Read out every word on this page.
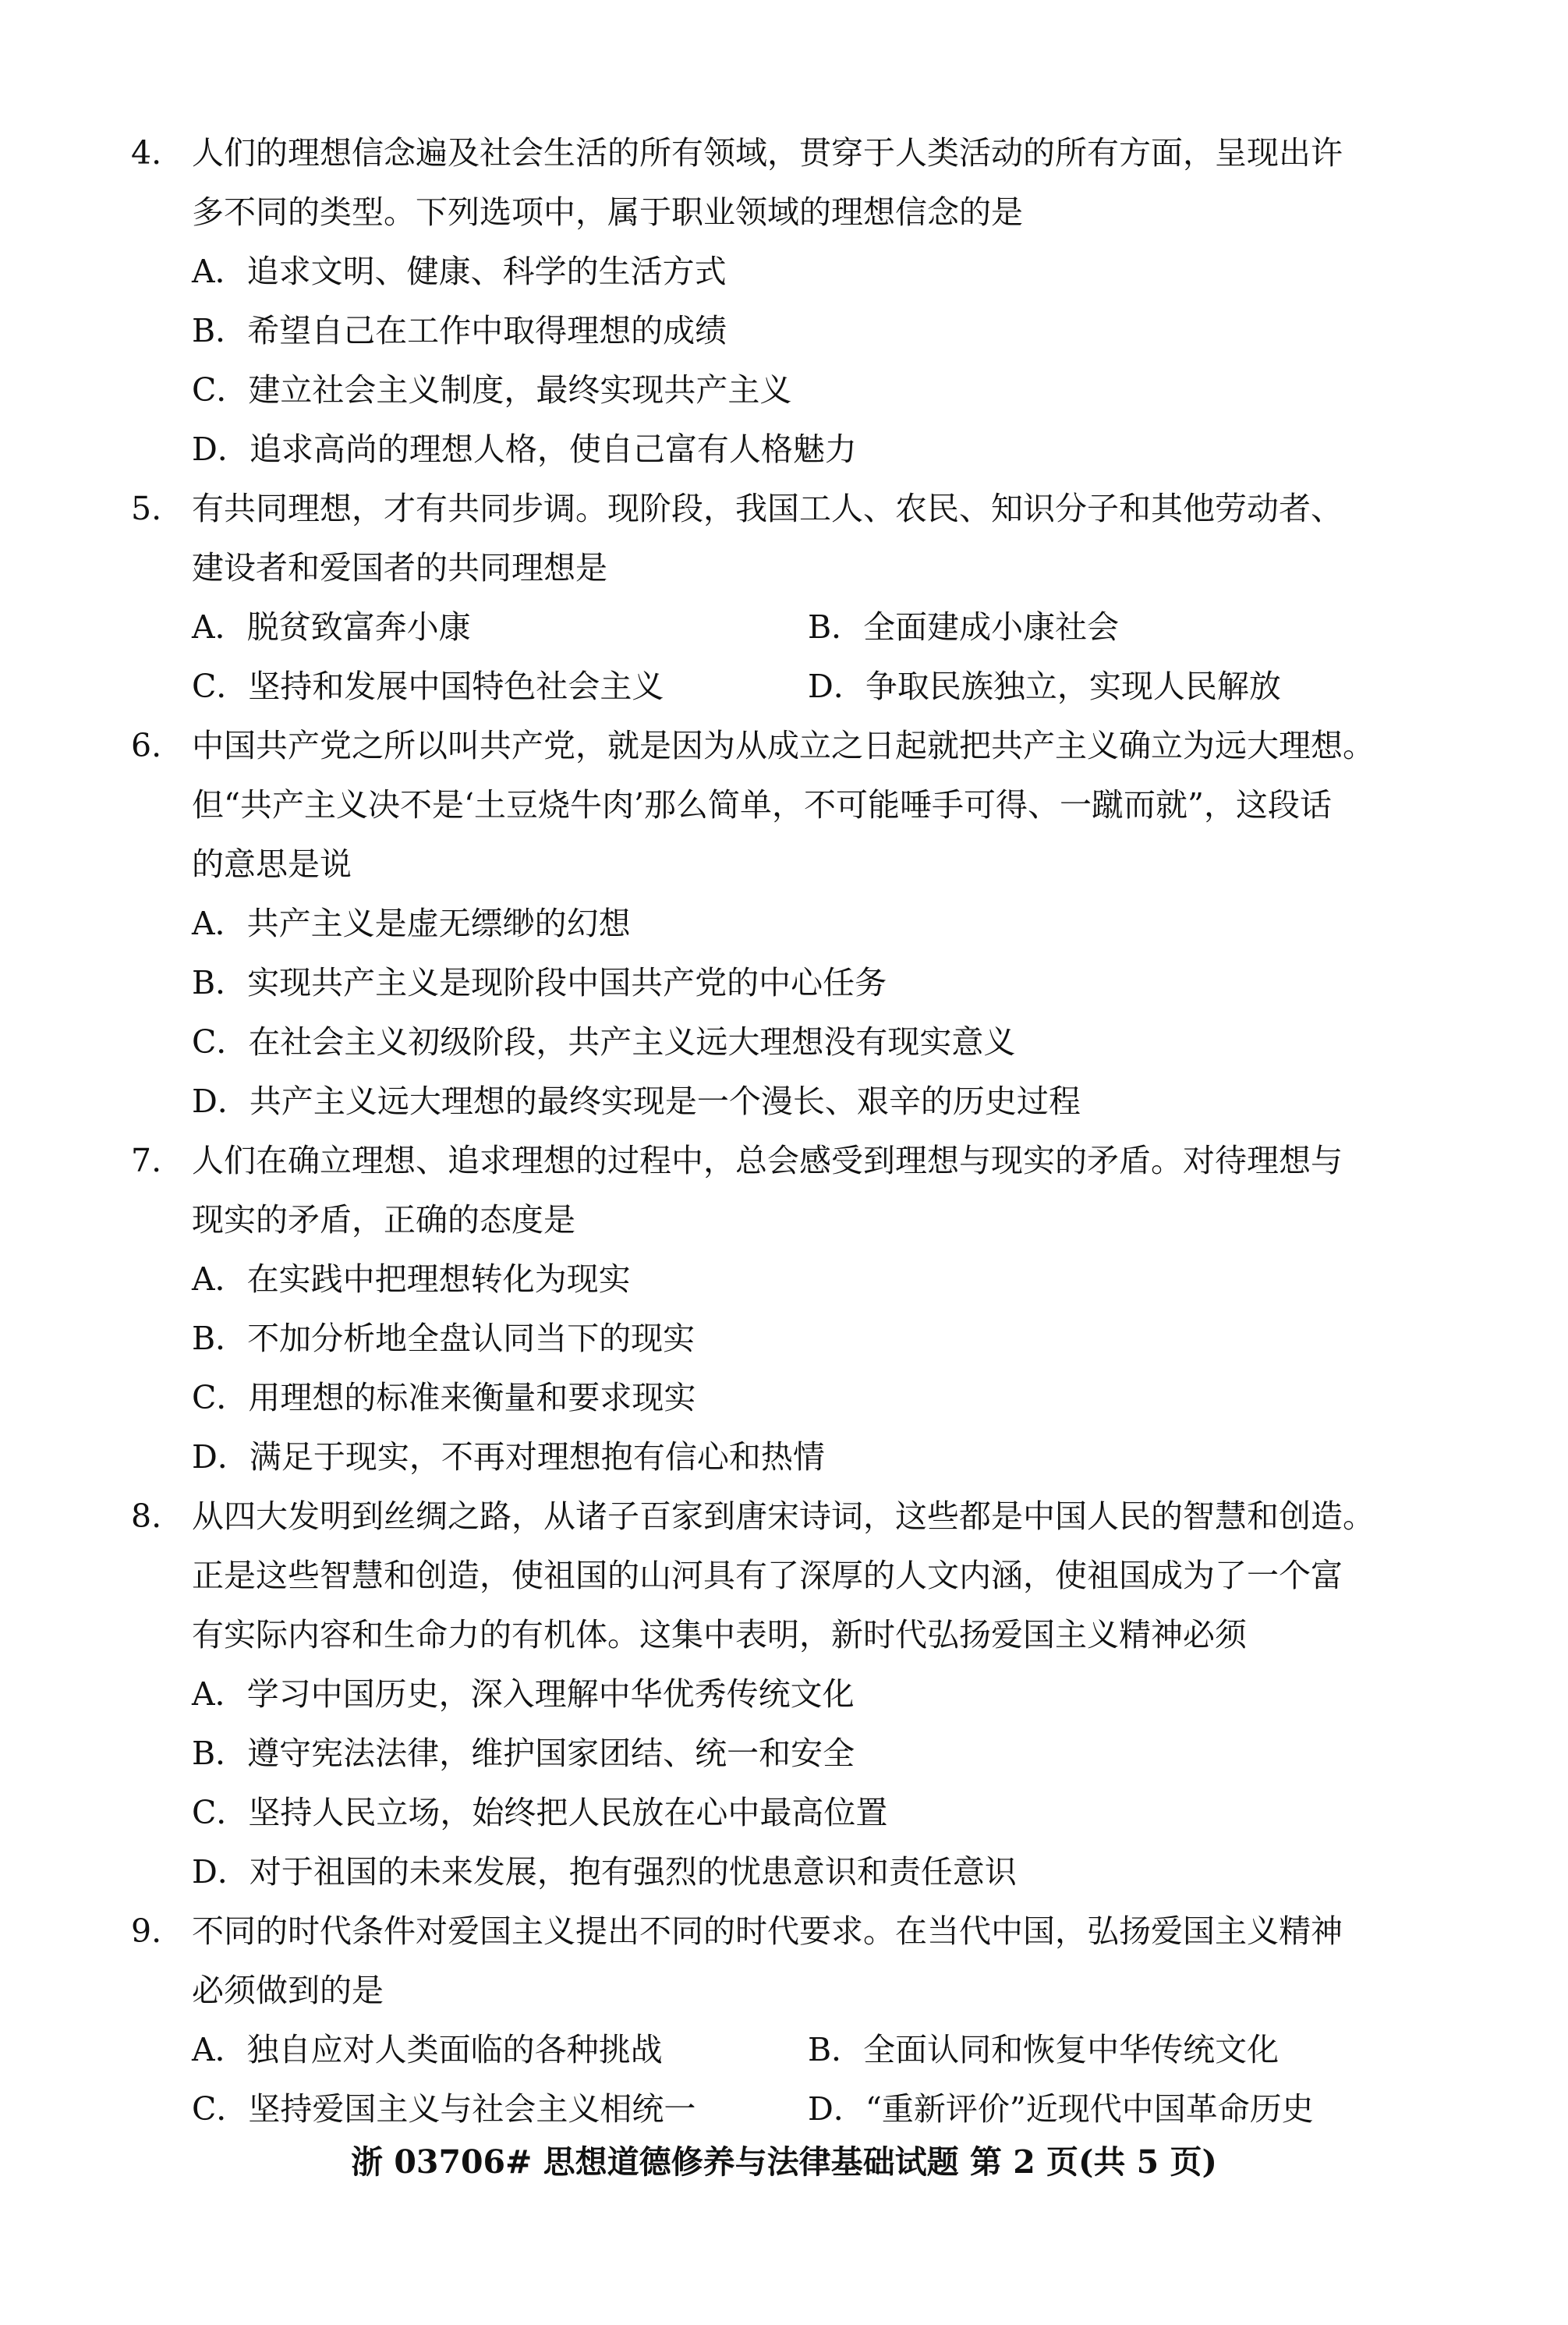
4. 人们的理想信念遍及社会生活的所有领域，贯穿于人类活动的所有方面，呈现出许
多不同的类型。下列选项中，属于职业领域的理想信念的是
A．追求文明、健康、科学的生活方式
B．希望自己在工作中取得理想的成绩
C．建立社会主义制度，最终实现共产主义
D．追求高尚的理想人格，使自己富有人格魅力
5. 有共同理想，才有共同步调。现阶段，我国工人、农民、知识分子和其他劳动者、
建设者和爱国者的共同理想是
A．脱贫致富奔小康	B．全面建成小康社会
C．坚持和发展中国特色社会主义	D．争取民族独立，实现人民解放
6. 中国共产党之所以叫共产党，就是因为从成立之日起就把共产主义确立为远大理想。
但“共产主义决不是‘土豆烧牛肉’那么简单，不可能唾手可得、一蹴而就”，这段话
的意思是说
A．共产主义是虚无缥缈的幻想
B．实现共产主义是现阶段中国共产党的中心任务
C．在社会主义初级阶段，共产主义远大理想没有现实意义
D．共产主义远大理想的最终实现是一个漫长、艰辛的历史过程
7. 人们在确立理想、追求理想的过程中，总会感受到理想与现实的矛盾。对待理想与
现实的矛盾，正确的态度是
A．在实践中把理想转化为现实
B．不加分析地全盘认同当下的现实
C．用理想的标准来衡量和要求现实
D．满足于现实，不再对理想抱有信心和热情
8. 从四大发明到丝绸之路，从诸子百家到唐宋诗词，这些都是中国人民的智慧和创造。
正是这些智慧和创造，使祖国的山河具有了深厚的人文内涵，使祖国成为了一个富
有实际内容和生命力的有机体。这集中表明，新时代弘扬爱国主义精神必须
A．学习中国历史，深入理解中华优秀传统文化
B．遵守宪法法律，维护国家团结、统一和安全
C．坚持人民立场，始终把人民放在心中最高位置
D．对于祖国的未来发展，抱有强烈的忧患意识和责任意识
9. 不同的时代条件对爱国主义提出不同的时代要求。在当代中国，弘扬爱国主义精神
必须做到的是
A．独自应对人类面临的各种挑战	B．全面认同和恢复中华传统文化
C．坚持爱国主义与社会主义相统一	D．“重新评价”近现代中国革命历史
浙 03706# 思想道德修养与法律基础试题 第 2 页(共 5 页)
